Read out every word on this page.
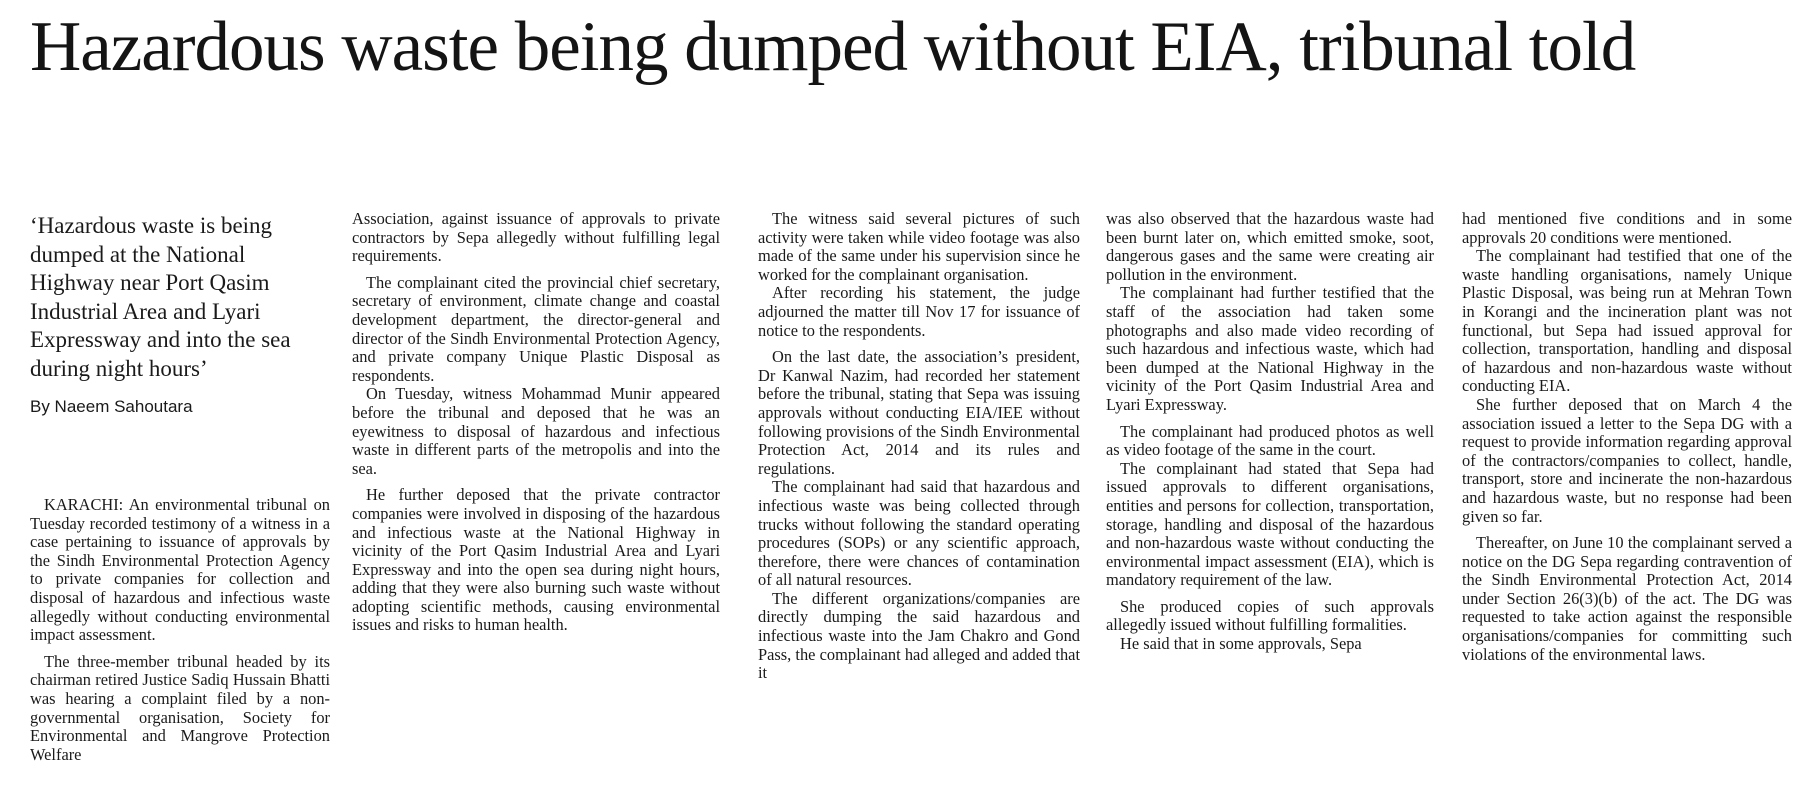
Hazardous waste being dumped without EIA, tribunal told
‘Hazardous waste is being dumped at the National Highway near Port Qasim Industrial Area and Lyari Expressway and into the sea during night hours’
By Naeem Sahoutara

KARACHI: An environmental tribunal on Tuesday recorded testimony of a witness in a case pertaining to issuance of approvals by the Sindh Environmental Protection Agency to private companies for collection and disposal of hazardous and infectious waste allegedly without conducting environmental impact assessment.

The three-member tribunal headed by its chairman retired Justice Sadiq Hussain Bhatti was hearing a complaint filed by a non-governmental organisation, Society for Environmental and Mangrove Protection Welfare

Association, against issuance of approvals to private contractors by Sepa allegedly without fulfilling legal requirements.

The complainant cited the provincial chief secretary, secretary of environment, climate change and coastal development department, the director-general and director of the Sindh Environmental Protection Agency, and private company Unique Plastic Disposal as respondents.

On Tuesday, witness Mohammad Munir appeared before the tribunal and deposed that he was an eyewitness to disposal of hazardous and infectious waste in different parts of the metropolis and into the sea.

He further deposed that the private contractor companies were involved in disposing of the hazardous and infectious waste at the National Highway in vicinity of the Port Qasim Industrial Area and Lyari Expressway and into the open sea during night hours, adding that they were also burning such waste without adopting scientific methods, causing environmental issues and risks to human health.

The witness said several pictures of such activity were taken while video footage was also made of the same under his supervision since he worked for the complainant organisation.

After recording his statement, the judge adjourned the matter till Nov 17 for issuance of notice to the respondents.

On the last date, the association’s president, Dr Kanwal Nazim, had recorded her statement before the tribunal, stating that Sepa was issuing approvals without conducting EIA/IEE without following provisions of the Sindh Environmental Protection Act, 2014 and its rules and regulations.

The complainant had said that hazardous and infectious waste was being collected through trucks without following the standard operating procedures (SOPs) or any scientific approach, therefore, there were chances of contamination of all natural resources.

The different organizations/companies are directly dumping the said hazardous and infectious waste into the Jam Chakro and Gond Pass, the complainant had alleged and added that it

was also observed that the hazardous waste had been burnt later on, which emitted smoke, soot, dangerous gases and the same were creating air pollution in the environment.

The complainant had further testified that the staff of the association had taken some photographs and also made video recording of such hazardous and infectious waste, which had been dumped at the National Highway in the vicinity of the Port Qasim Industrial Area and Lyari Expressway.

The complainant had produced photos as well as video footage of the same in the court.

The complainant had stated that Sepa had issued approvals to different organisations, entities and persons for collection, transportation, storage, handling and disposal of the hazardous and non-hazardous waste without conducting the environmental impact assessment (EIA), which is mandatory requirement of the law.

She produced copies of such approvals allegedly issued without fulfilling formalities.

He said that in some approvals, Sepa

had mentioned five conditions and in some approvals 20 conditions were mentioned.

The complainant had testified that one of the waste handling organisations, namely Unique Plastic Disposal, was being run at Mehran Town in Korangi and the incineration plant was not functional, but Sepa had issued approval for collection, transportation, handling and disposal of hazardous and non-hazardous waste without conducting EIA.

She further deposed that on March 4 the association issued a letter to the Sepa DG with a request to provide information regarding approval of the contractors/companies to collect, handle, transport, store and incinerate the non-hazardous and hazardous waste, but no response had been given so far.

Thereafter, on June 10 the complainant served a notice on the DG Sepa regarding contravention of the Sindh Environmental Protection Act, 2014 under Section 26(3)(b) of the act. The DG was requested to take action against the responsible organisations/companies for committing such violations of the environmental laws.
